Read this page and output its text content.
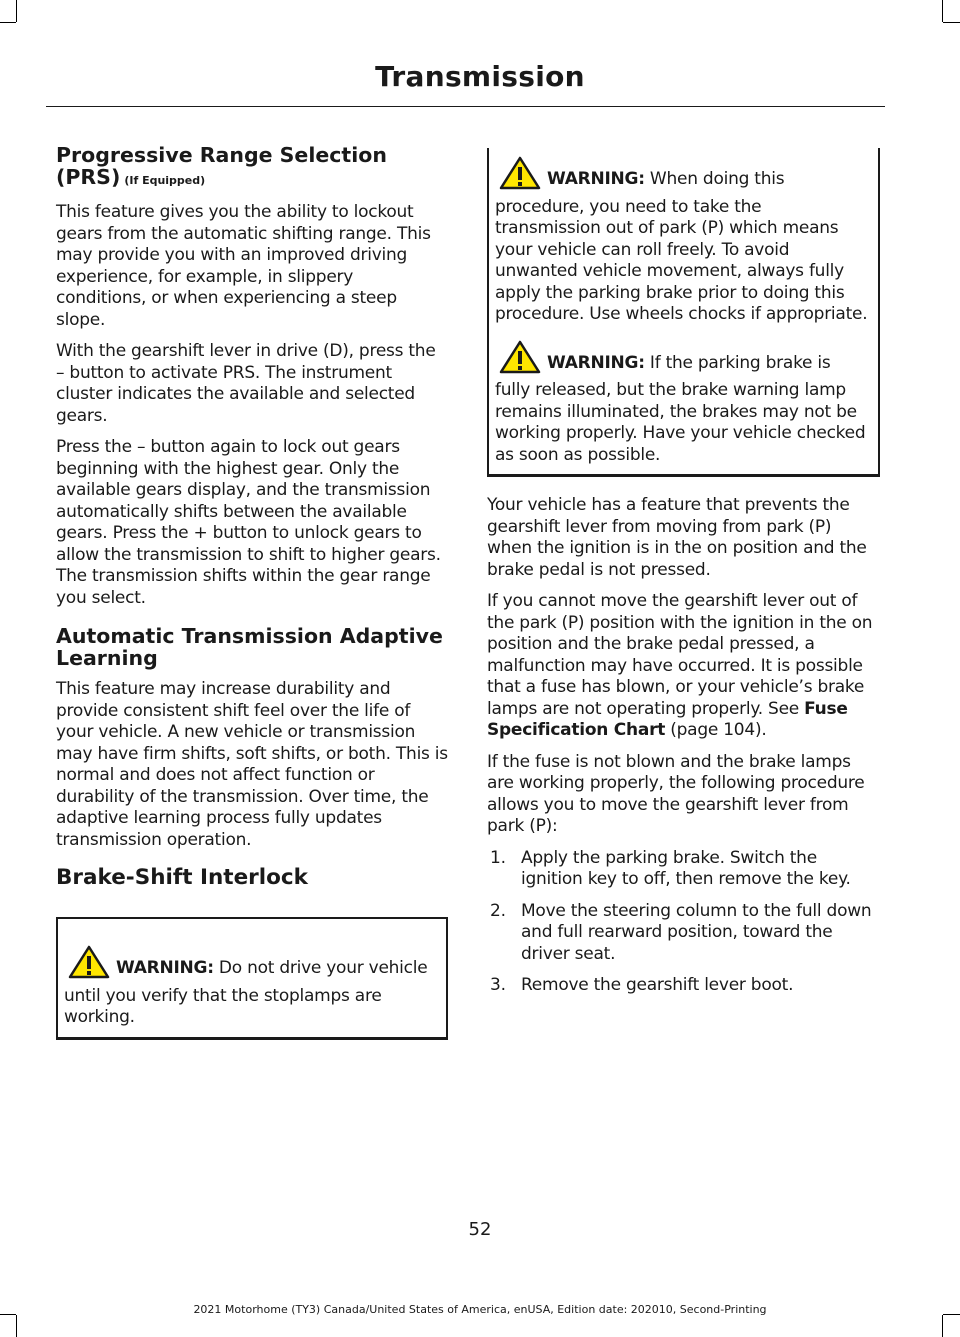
Transmission
Progressive Range Selection (PRS) (If Equipped)

This feature gives you the ability to lockout gears from the automatic shifting range. This may provide you with an improved driving experience, for example, in slippery conditions, or when experiencing a steep slope.

With the gearshift lever in drive (D), press the – button to activate PRS. The instrument cluster indicates the available and selected gears.

Press the – button again to lock out gears beginning with the highest gear. Only the available gears display, and the transmission automatically shifts between the available gears. Press the + button to unlock gears to allow the transmission to shift to higher gears. The transmission shifts within the gear range you select.

Automatic Transmission Adaptive Learning

This feature may increase durability and provide consistent shift feel over the life of your vehicle. A new vehicle or transmission may have firm shifts, soft shifts, or both. This is normal and does not affect function or durability of the transmission. Over time, the adaptive learning process fully updates transmission operation.

Brake-Shift Interlock
WARNING: Do not drive your vehicle until you verify that the stoplamps are working.
WARNING: When doing this procedure, you need to take the transmission out of park (P) which means your vehicle can roll freely. To avoid unwanted vehicle movement, always fully apply the parking brake prior to doing this procedure. Use wheels chocks if appropriate.
WARNING: If the parking brake is fully released, but the brake warning lamp remains illuminated, the brakes may not be working properly. Have your vehicle checked as soon as possible.

Your vehicle has a feature that prevents the gearshift lever from moving from park (P) when the ignition is in the on position and the brake pedal is not pressed.

If you cannot move the gearshift lever out of the park (P) position with the ignition in the on position and the brake pedal pressed, a malfunction may have occurred. It is possible that a fuse has blown, or your vehicle’s brake lamps are not operating properly. See Fuse Specification Chart (page 104).

If the fuse is not blown and the brake lamps are working properly, the following procedure allows you to move the gearshift lever from park (P):

1. Apply the parking brake. Switch the ignition key to off, then remove the key.
2. Move the steering column to the full down and full rearward position, toward the driver seat.
3. Remove the gearshift lever boot.
52
2021 Motorhome (TY3) Canada/United States of America, enUSA, Edition date: 202010, Second-Printing
